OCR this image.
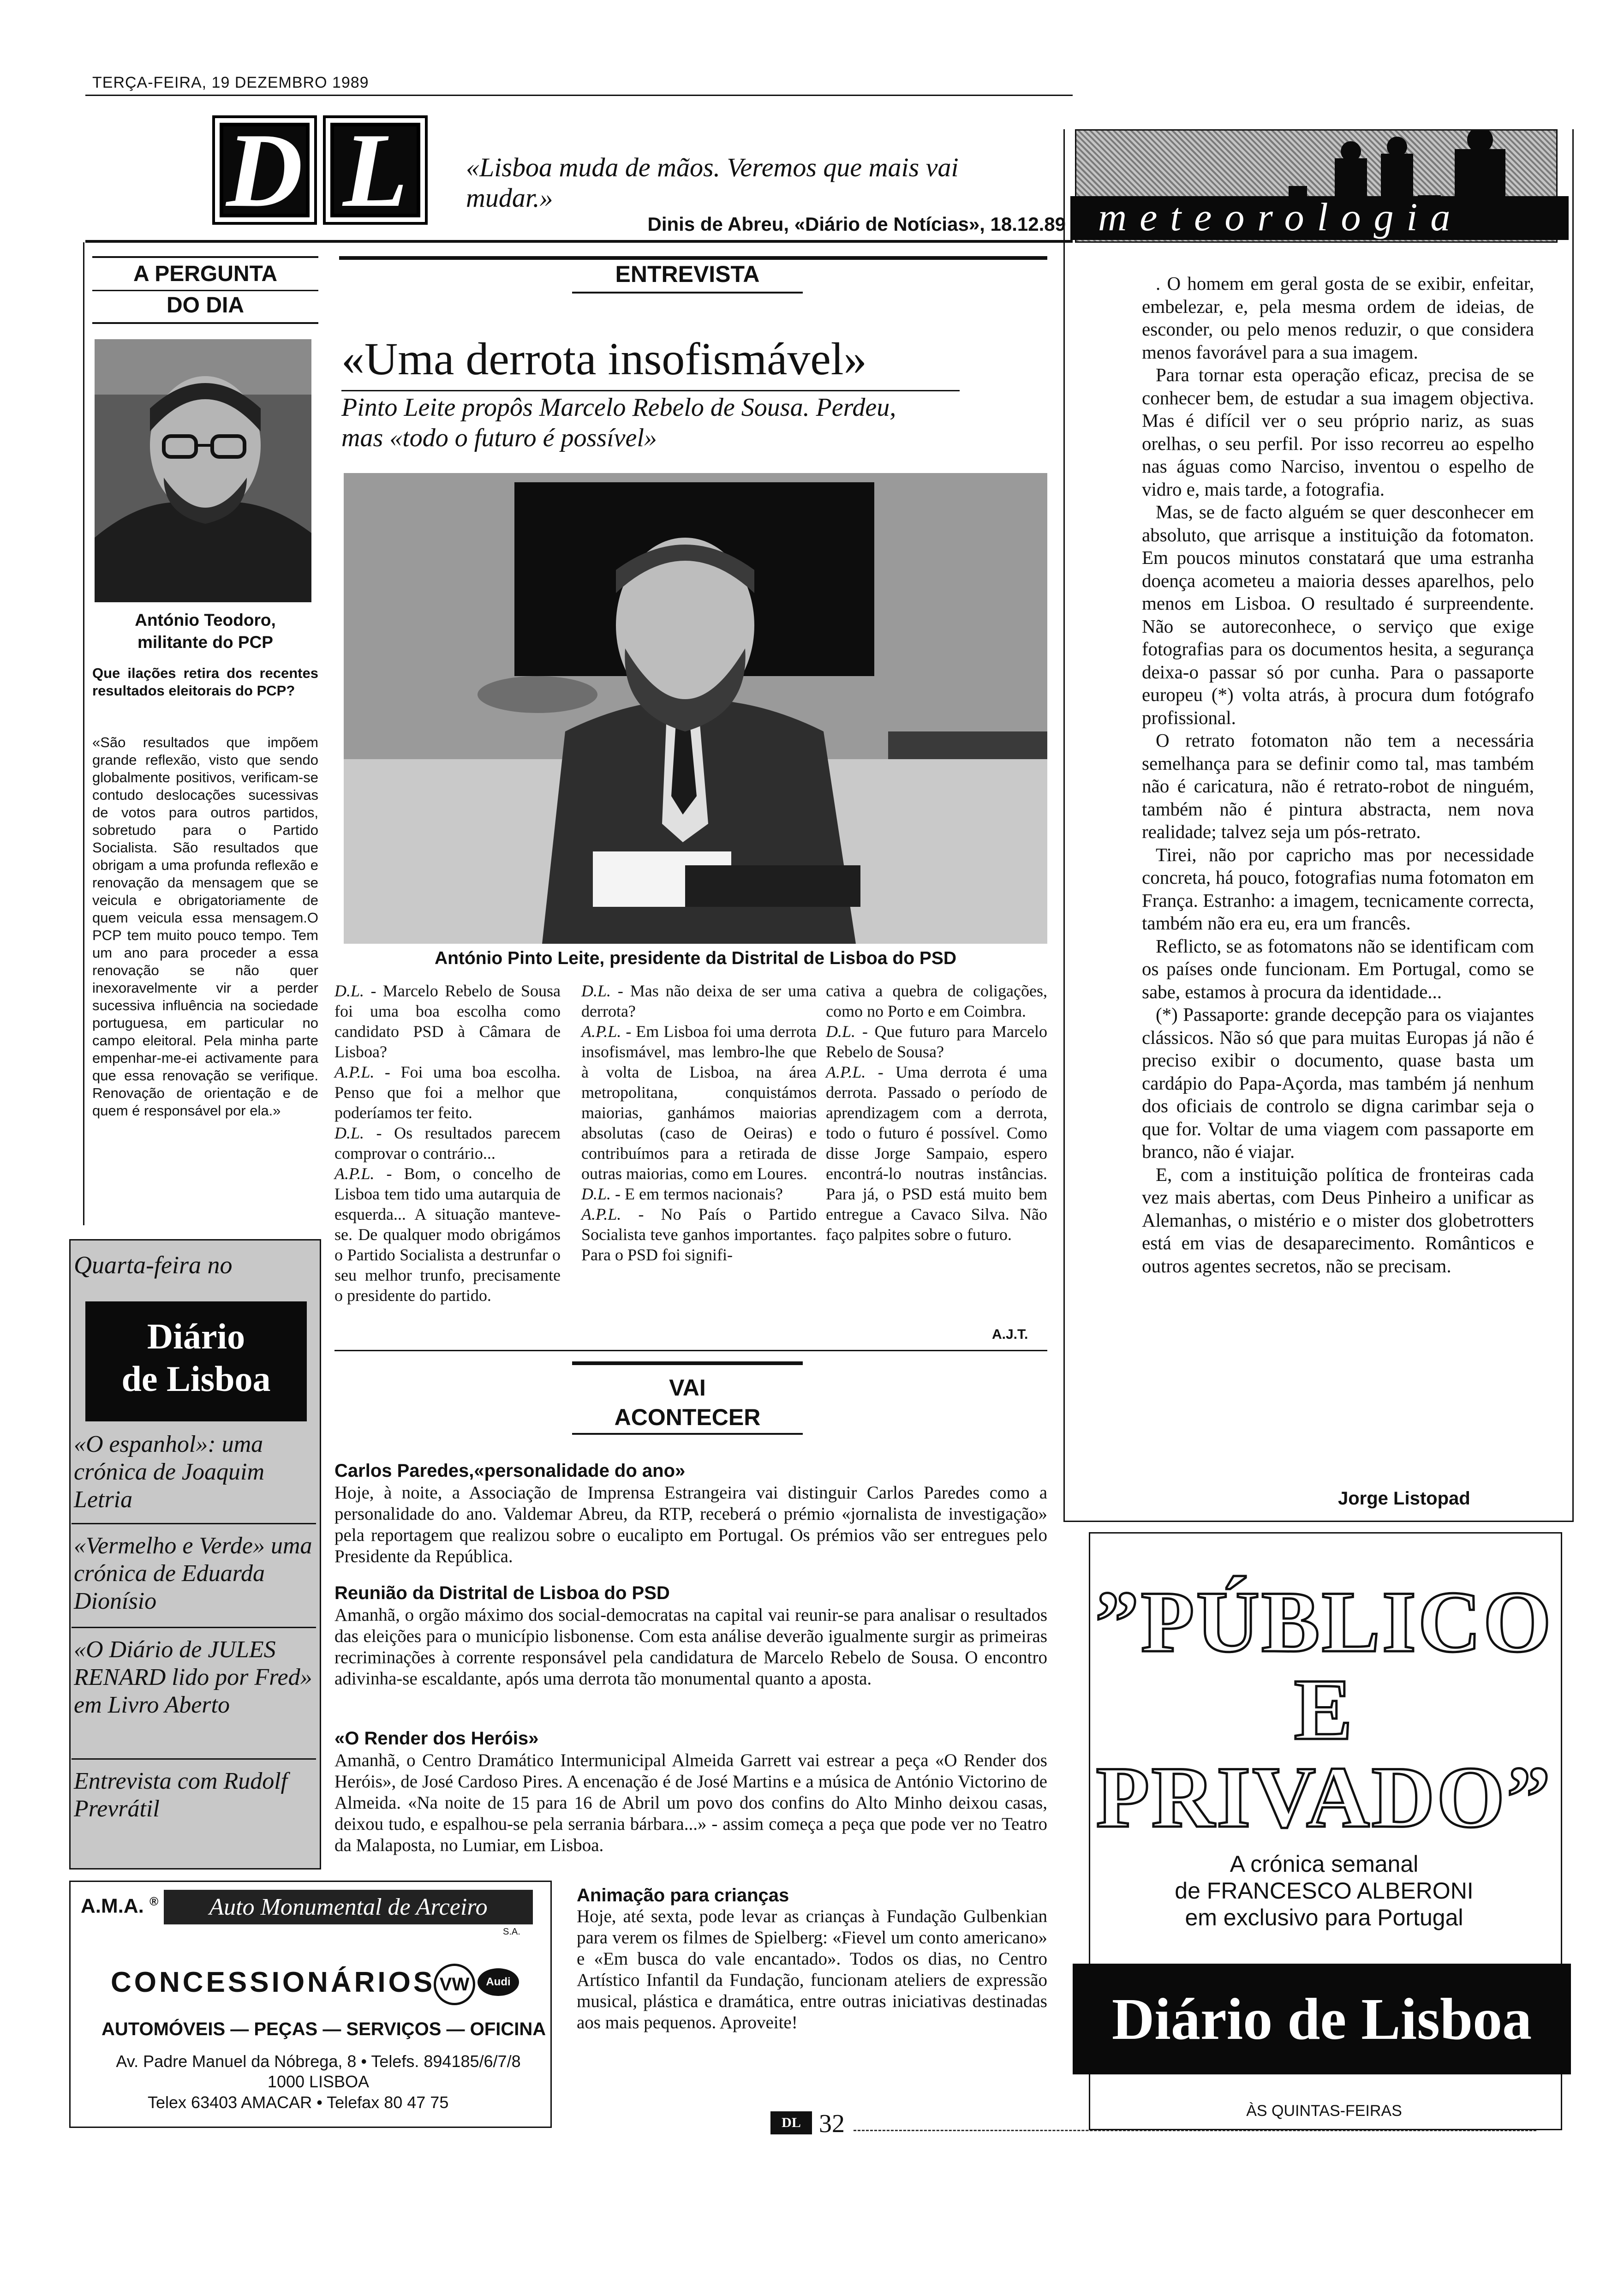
TERÇA-FEIRA, 19 DEZEMBRO 1989
D L	«Lisboa muda de mãos. Veremos que mais vai mudar.»
Dinis de Abreu, «Diário de Notícias», 18.12.89
A PERGUNTA
DO DIA
António Teodoro,
militante do PCP
Que ilações retira dos recentes resultados eleitorais do PCP?
«São resultados que impõem grande reflexão, visto que sendo globalmente positivos, verificam-se contudo deslocações sucessivas de votos para outros partidos, sobretudo para o Partido Socialista. São resultados que obrigam a uma profunda reflexão e renovação da mensagem que se veicula e obrigatoriamente de quem veicula essa mensagem.O PCP tem muito pouco tempo. Tem um ano para proceder a essa renovação se não quer inexoravelmente vir a perder sucessiva influência na sociedade portuguesa, em particular no campo eleitoral. Pela minha parte empenhar-me-ei activamente para que essa renovação se verifique. Renovação de orientação e de quem é responsável por ela.»
Quarta-feira no
Diário
de Lisboa
«O espanhol»: uma crónica de Joaquim Letria
«Vermelho e Verde» uma crónica de Eduarda Dionísio
«O Diário de JULES RENARD lido por Fred» em Livro Aberto
Entrevista com Rudolf Prevrátil
A.M.A. ®	Auto Monumental de Arceiro
S.A.
CONCESSIONÁRIOS VW	Audi
AUTOMÓVEIS — PEÇAS — SERVIÇOS — OFICINA
Av. Padre Manuel da Nóbrega, 8 • Telefs. 894185/6/7/8
1000 LISBOA
Telex 63403 AMACAR • Telefax 80 47 75
ENTREVISTA
«Uma derrota insofismável»
Pinto Leite propôs Marcelo Rebelo de Sousa. Perdeu, mas «todo o futuro é possível»
António Pinto Leite, presidente da Distrital de Lisboa do PSD

D.L. - Marcelo Rebelo de Sousa foi uma boa escolha como candidato PSD à Câmara de Lisboa?

A.P.L. - Foi uma boa escolha. Penso que foi a melhor que poderíamos ter feito.

D.L. - Os resultados parecem comprovar o contrário...

A.P.L. - Bom, o concelho de Lisboa tem tido uma autarquia de esquerda... A situação manteve-se. De qualquer modo obrigámos o Partido Socialista a destrunfar o seu melhor trunfo, precisamente o presidente do partido.

D.L. - Mas não deixa de ser uma derrota?

A.P.L. - Em Lisboa foi uma derrota insofismável, mas lembro-lhe que à volta de Lisboa, na área metropolitana, conquistámos maiorias, ganhámos maiorias absolutas (caso de Oeiras) e contribuímos para a retirada de outras maiorias, como em Loures.

D.L. - E em termos nacionais?

A.P.L. - No País o Partido Socialista teve ganhos importantes. Para o PSD foi signifi-

cativa a quebra de coligações, como no Porto e em Coimbra.

D.L. - Que futuro para Marcelo Rebelo de Sousa?

A.P.L. - Uma derrota é uma derrota. Passado o período de aprendizagem com a derrota, todo o futuro é possível. Como disse Jorge Sampaio, espero encontrá-lo noutras instâncias. Para já, o PSD está muito bem entregue a Cavaco Silva. Não faço palpites sobre o futuro.

A.J.T.
VAI
ACONTECER
Carlos Paredes,«personalidade do ano»
Hoje, à noite, a Associação de Imprensa Estrangeira vai distinguir Carlos Paredes como a personalidade do ano. Valdemar Abreu, da RTP, receberá o prémio «jornalista de investigação» pela reportagem que realizou sobre o eucalipto em Portugal. Os prémios vão ser entregues pelo Presidente da República.
Reunião da Distrital de Lisboa do PSD
Amanhã, o orgão máximo dos social-democratas na capital vai reunir-se para analisar o resultados das eleições para o município lisbonense. Com esta análise deverão igualmente surgir as primeiras recriminações à corrente responsável pela candidatura de Marcelo Rebelo de Sousa. O encontro adivinha-se escaldante, após uma derrota tão monumental quanto a aposta.
«O Render dos Heróis»
Amanhã, o Centro Dramático Intermunicipal Almeida Garrett vai estrear a peça «O Render dos Heróis», de José Cardoso Pires. A encenação é de José Martins e a música de António Victorino de Almeida. «Na noite de 15 para 16 de Abril um povo dos confins do Alto Minho deixou casas, deixou tudo, e espalhou-se pela serrania bárbara...» - assim começa a peça que pode ver no Teatro da Malaposta, no Lumiar, em Lisboa.
Animação para crianças
Hoje, até sexta, pode levar as crianças à Fundação Gulbenkian para verem os filmes de Spielberg: «Fievel um conto americano» e «Em busca do vale encantado». Todos os dias, no Centro Artístico Infantil da Fundação, funcionam ateliers de expressão musical, plástica e dramática, entre outras iniciativas destinadas aos mais pequenos. Aproveite!
DL 32
meteorologia

. O homem em geral gosta de se exibir, enfeitar, embelezar, e, pela mesma ordem de ideias, de esconder, ou pelo menos reduzir, o que considera menos favorável para a sua imagem.

Para tornar esta operação eficaz, precisa de se conhecer bem, de estudar a sua imagem objectiva. Mas é difícil ver o seu próprio nariz, as suas orelhas, o seu perfil. Por isso recorreu ao espelho nas águas como Narciso, inventou o espelho de vidro e, mais tarde, a fotografia.

Mas, se de facto alguém se quer desconhecer em absoluto, que arrisque a instituição da fotomaton. Em poucos minutos constatará que uma estranha doença acometeu a maioria desses aparelhos, pelo menos em Lisboa. O resultado é surpreendente. Não se autoreconhece, o serviço que exige fotografias para os documentos hesita, a segurança deixa-o passar só por cunha. Para o passaporte europeu (*) volta atrás, à procura dum fotógrafo profissional.

O retrato fotomaton não tem a necessária semelhança para se definir como tal, mas também não é caricatura, não é retrato-robot de ninguém, também não é pintura abstracta, nem nova realidade; talvez seja um pós-retrato.

Tirei, não por capricho mas por necessidade concreta, há pouco, fotografias numa fotomaton em França. Estranho: a imagem, tecnicamente correcta, também não era eu, era um francês.

Reflicto, se as fotomatons não se identificam com os países onde funcionam. Em Portugal, como se sabe, estamos à procura da identidade...

(*) Passaporte: grande decepção para os viajantes clássicos. Não só que para muitas Europas já não é preciso exibir o documento, quase basta um cardápio do Papa-Açorda, mas também já nenhum dos oficiais de controlo se digna carimbar seja o que for. Voltar de uma viagem com passaporte em branco, não é viajar.

E, com a instituição política de fronteiras cada vez mais abertas, com Deus Pinheiro a unificar as Alemanhas, o mistério e o mister dos globetrotters está em vias de desaparecimento. Românticos e outros agentes secretos, não se precisam.

Jorge Listopad
”PÚBLICO E PRIVADO”
A crónica semanal
de FRANCESCO ALBERONI
em exclusivo para Portugal
Diário de Lisboa
ÀS QUINTAS-FEIRAS
